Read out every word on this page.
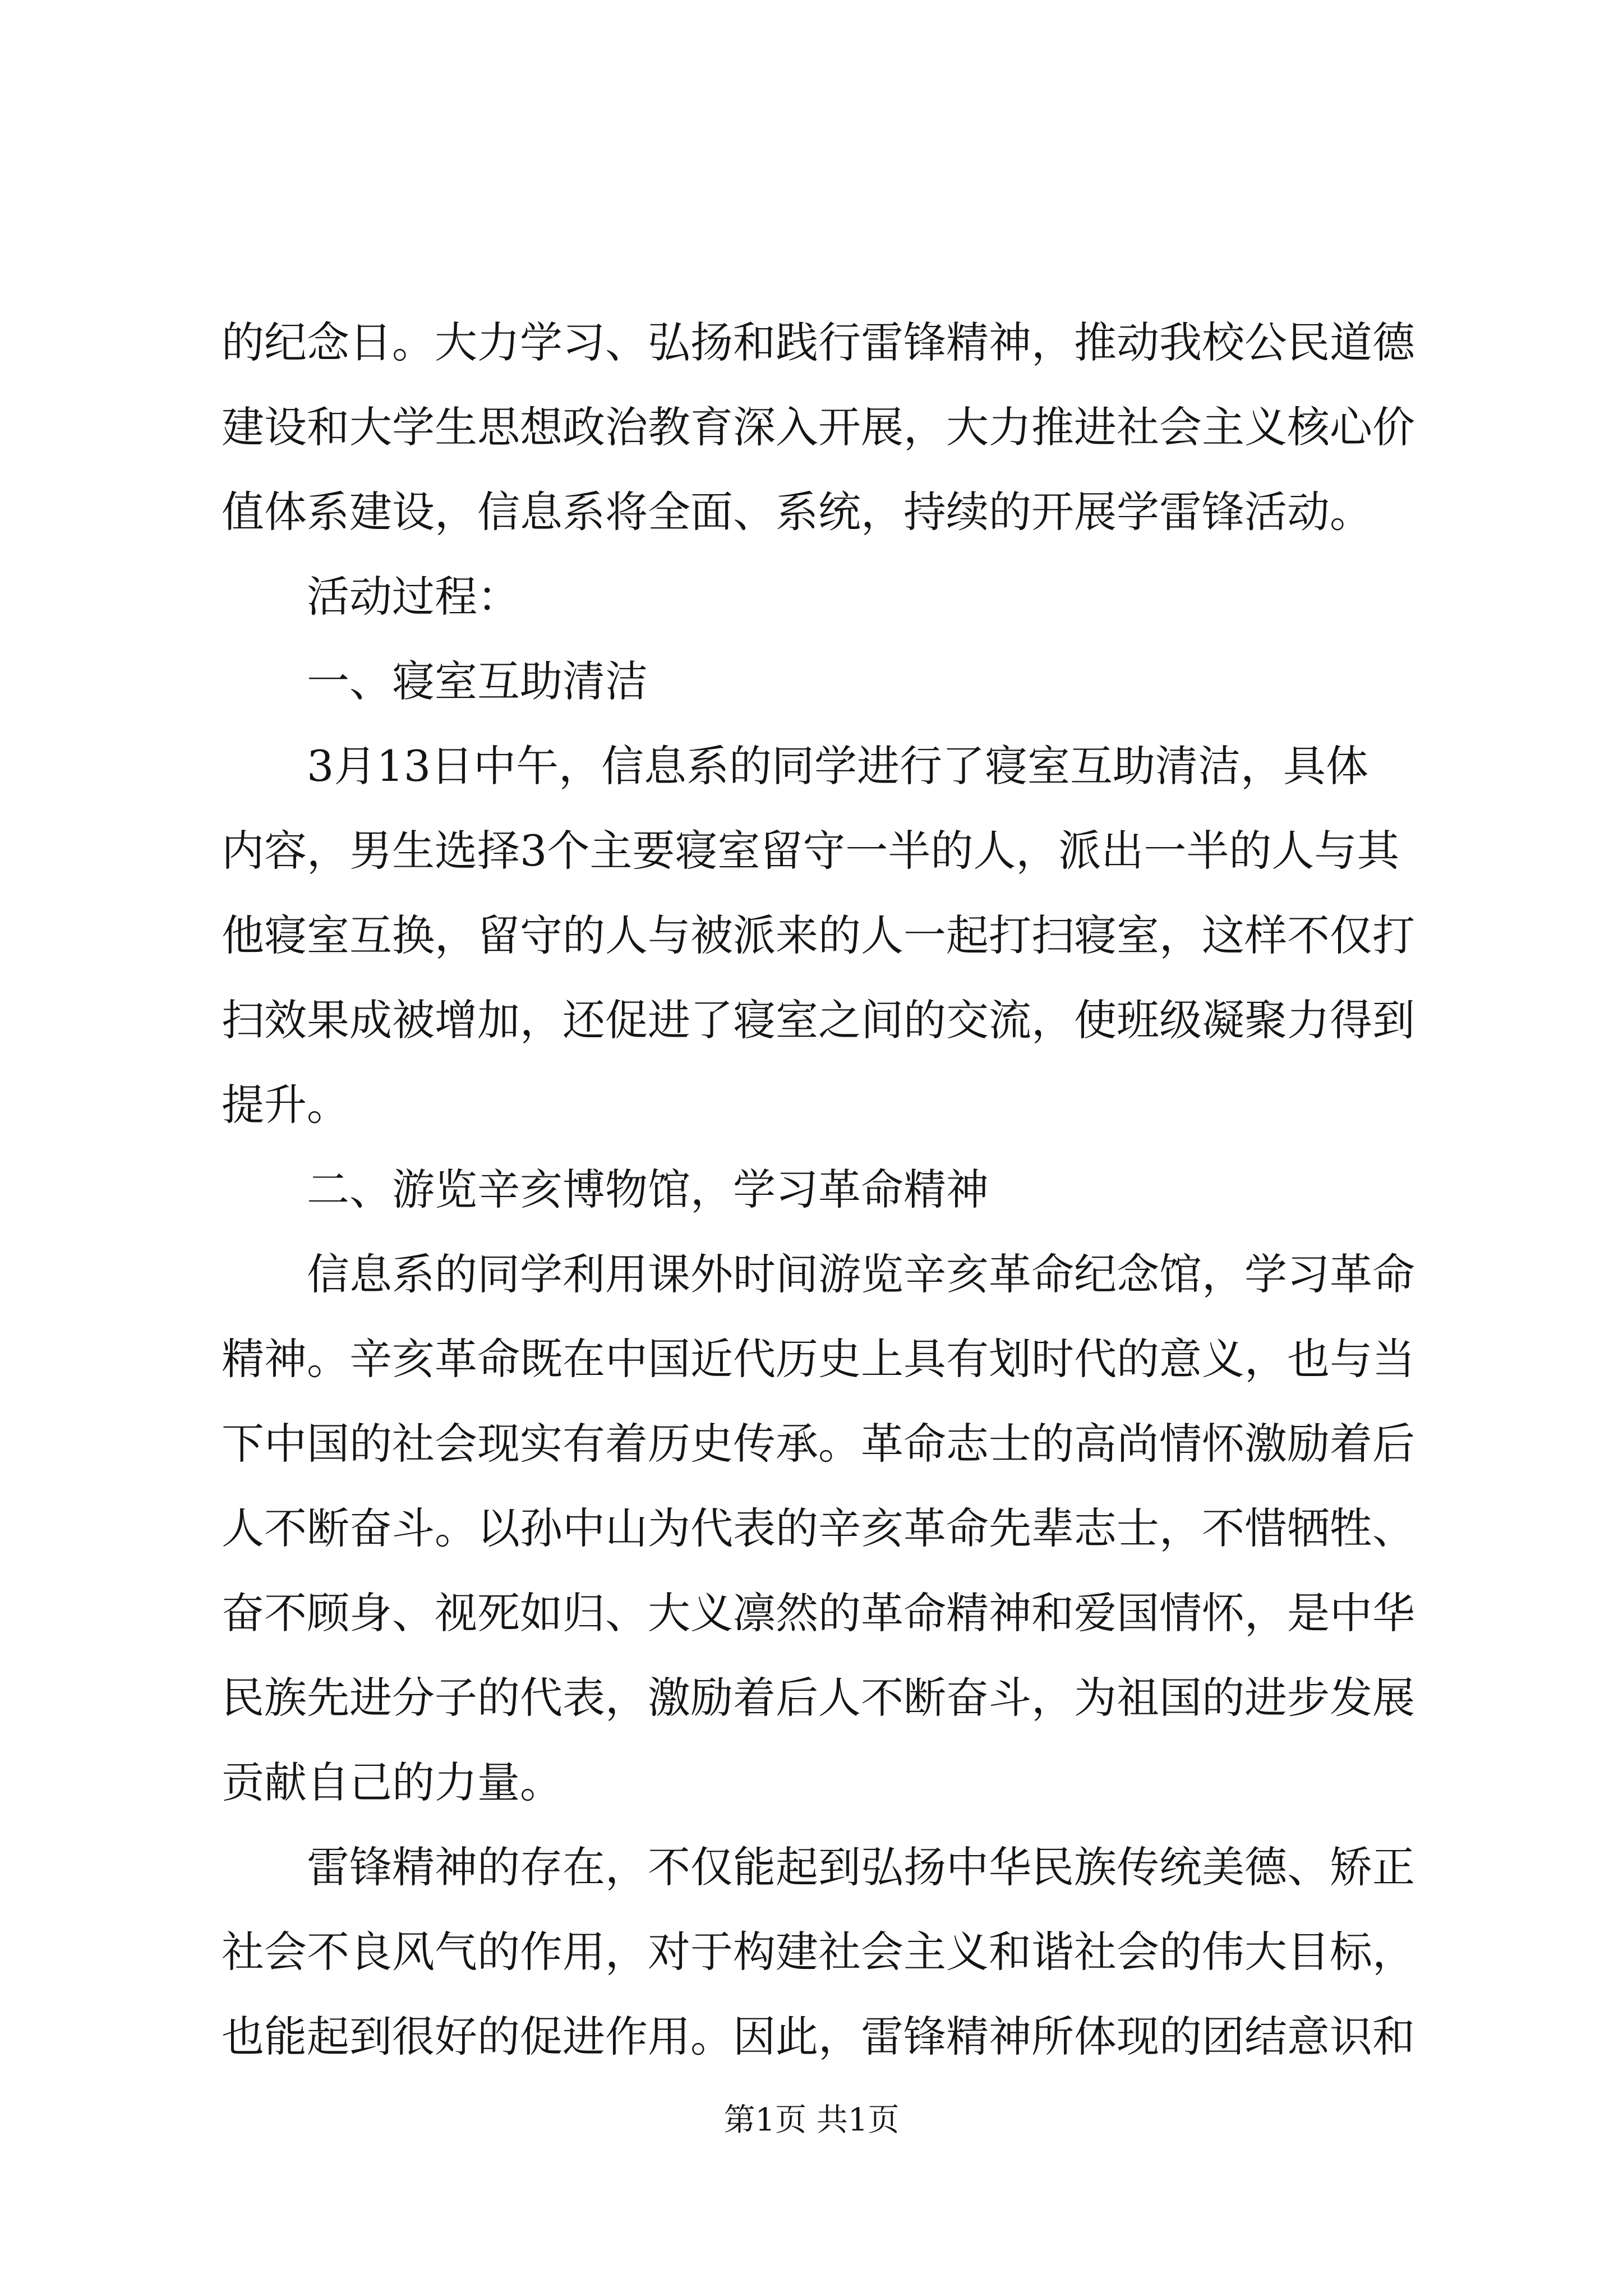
的纪念日。大力学习、弘扬和践行雷锋精神，推动我校公民道德
建设和大学生思想政治教育深入开展，大力推进社会主义核心价
值体系建设，信息系将全面、系统，持续的开展学雷锋活动。
活动过程：
一、寝室互助清洁
3月13日中午，信息系的同学进行了寝室互助清洁，具体
内容，男生选择3个主要寝室留守一半的人，派出一半的人与其
他寝室互换，留守的人与被派来的人一起打扫寝室，这样不仅打
扫效果成被增加，还促进了寝室之间的交流，使班级凝聚力得到
提升。
二、游览辛亥博物馆，学习革命精神
信息系的同学利用课外时间游览辛亥革命纪念馆，学习革命
精神。辛亥革命既在中国近代历史上具有划时代的意义，也与当
下中国的社会现实有着历史传承。革命志士的高尚情怀激励着后
人不断奋斗。以孙中山为代表的辛亥革命先辈志士，不惜牺牲、
奋不顾身、视死如归、大义凛然的革命精神和爱国情怀，是中华
民族先进分子的代表，激励着后人不断奋斗，为祖国的进步发展
贡献自己的力量。
雷锋精神的存在，不仅能起到弘扬中华民族传统美德、矫正
社会不良风气的作用，对于构建社会主义和谐社会的伟大目标，
也能起到很好的促进作用。因此，雷锋精神所体现的团结意识和
第1页 共1页
